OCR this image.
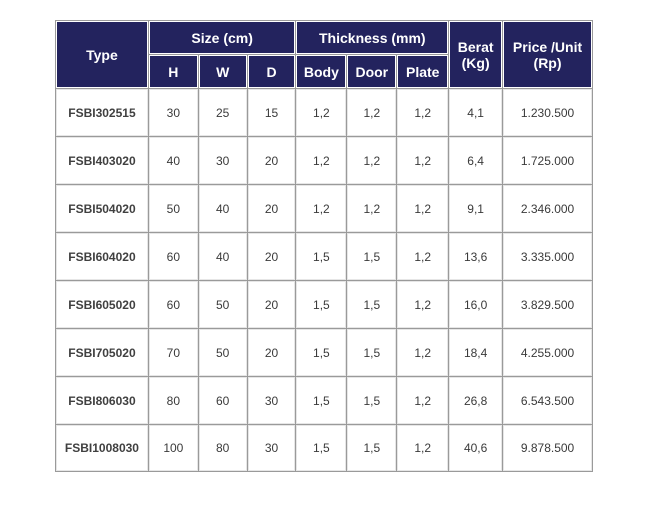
Type	Size (cm)			Thickness (mm)			Berat (Kg)	Price /Unit (Rp)
	H	W	D	Body	Door	Plate		
FSBI302515	30	25	15	1,2	1,2	1,2	4,1	1.230.500
FSBI403020	40	30	20	1,2	1,2	1,2	6,4	1.725.000
FSBI504020	50	40	20	1,2	1,2	1,2	9,1	2.346.000
FSBI604020	60	40	20	1,5	1,5	1,2	13,6	3.335.000
FSBI605020	60	50	20	1,5	1,5	1,2	16,0	3.829.500
FSBI705020	70	50	20	1,5	1,5	1,2	18,4	4.255.000
FSBI806030	80	60	30	1,5	1,5	1,2	26,8	6.543.500
FSBI1008030	100	80	30	1,5	1,5	1,2	40,6	9.878.500
